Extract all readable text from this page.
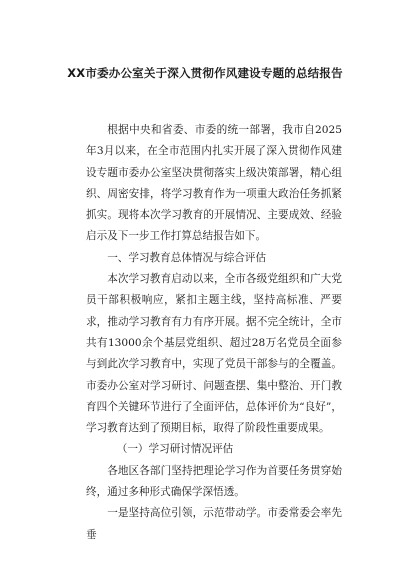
XX市委办公室关于深入贯彻作风建设专题的总结报告

根据中央和省委、市委的统一部署，我市自2025年3月以来，在全市范围内扎实开展了深入贯彻作风建设专题市委办公室坚决贯彻落实上级决策部署，精心组织、周密安排，将学习教育作为一项重大政治任务抓紧抓实。现将本次学习教育的开展情况、主要成效、经验启示及下一步工作打算总结报告如下。

一、学习教育总体情况与综合评估

本次学习教育启动以来，全市各级党组织和广大党员干部积极响应，紧扣主题主线，坚持高标准、严要求，推动学习教育有力有序开展。据不完全统计，全市共有13000余个基层党组织、超过28万名党员全面参与到此次学习教育中，实现了党员干部参与的全覆盖。市委办公室对学习研讨、问题查摆、集中整治、开门教育四个关键环节进行了全面评估，总体评价为“良好”，学习教育达到了预期目标，取得了阶段性重要成果。

（一）学习研讨情况评估

各地区各部门坚持把理论学习作为首要任务贯穿始终，通过多种形式确保学深悟透。

一是坚持高位引领，示范带动学。市委常委会率先垂
